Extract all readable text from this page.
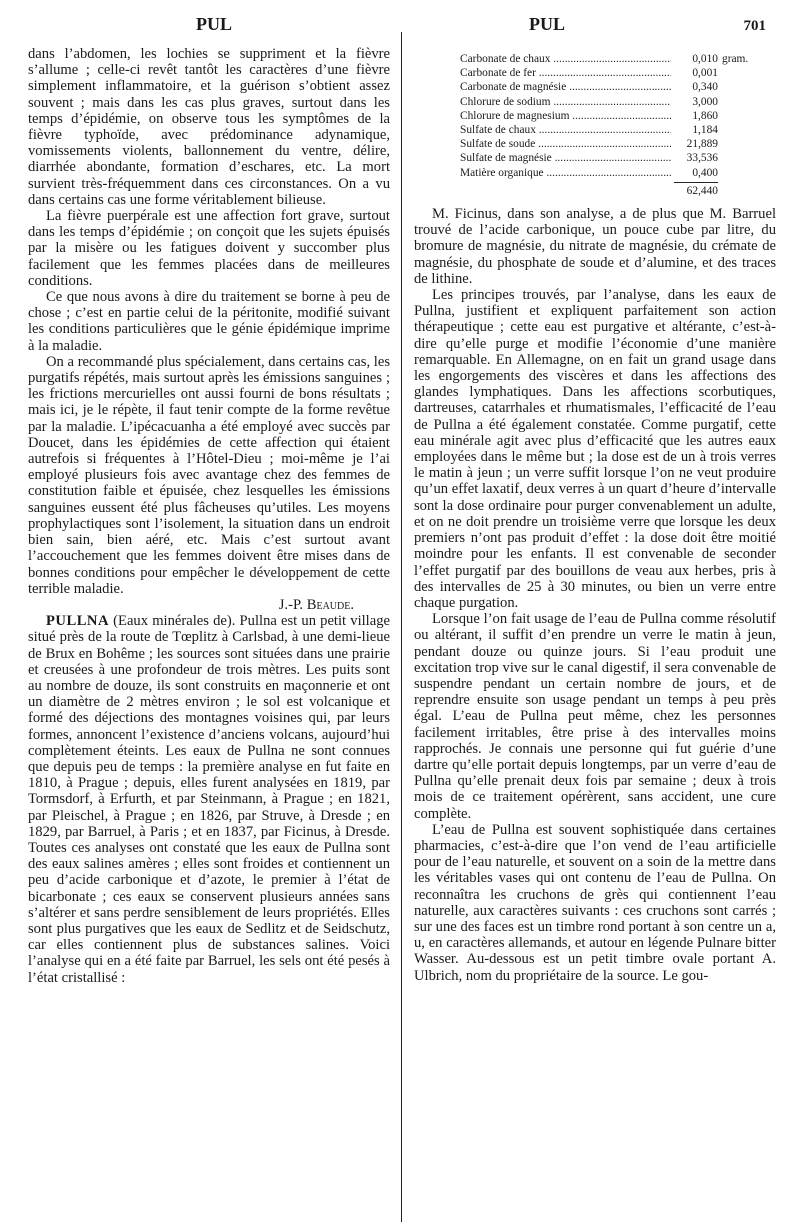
PUL	PUL	701

dans l’abdomen, les lochies se suppriment et la fièvre s’allume ; celle-ci revêt tantôt les caractères d’une fièvre simplement inflammatoire, et la guérison s’obtient assez souvent ; mais dans les cas plus graves, surtout dans les temps d’épidémie, on observe tous les symptômes de la fièvre typhoïde, avec prédominance adynamique, vomissements violents, ballonnement du ventre, délire, diarrhée abondante, formation d’eschares, etc. La mort survient très-fréquemment dans ces circonstances. On a vu dans certains cas une forme véritablement bilieuse.

La fièvre puerpérale est une affection fort grave, surtout dans les temps d’épidémie ; on conçoit que les sujets épuisés par la misère ou les fatigues doivent y succomber plus facilement que les femmes placées dans de meilleures conditions.

Ce que nous avons à dire du traitement se borne à peu de chose ; c’est en partie celui de la péritonite, modifié suivant les conditions particulières que le génie épidémique imprime à la maladie.

On a recommandé plus spécialement, dans certains cas, les purgatifs répétés, mais surtout après les émissions sanguines ; les frictions mercurielles ont aussi fourni de bons résultats ; mais ici, je le répète, il faut tenir compte de la forme revêtue par la maladie. L’ipécacuanha a été employé avec succès par Doucet, dans les épidémies de cette affection qui étaient autrefois si fréquentes à l’Hôtel-Dieu ; moi-même je l’ai employé plusieurs fois avec avantage chez des femmes de constitution faible et épuisée, chez lesquelles les émissions sanguines eussent été plus fâcheuses qu’utiles. Les moyens prophylactiques sont l’isolement, la situation dans un endroit bien sain, bien aéré, etc. Mais c’est surtout avant l’accouchement que les femmes doivent être mises dans de bonnes conditions pour empêcher le développement de cette terrible maladie.

J.-P. Beaude.

PULLNA (Eaux minérales de). Pullna est un petit village situé près de la route de Tœplitz à Carlsbad, à une demi-lieue de Brux en Bohême ; les sources sont situées dans une prairie et creusées à une profondeur de trois mètres. Les puits sont au nombre de douze, ils sont construits en maçonnerie et ont un diamètre de 2 mètres environ ; le sol est volcanique et formé des déjections des montagnes voisines qui, par leurs formes, annoncent l’existence d’anciens volcans, aujourd’hui complètement éteints. Les eaux de Pullna ne sont connues que depuis peu de temps : la première analyse en fut faite en 1810, à Prague ; depuis, elles furent analysées en 1819, par Tormsdorf, à Erfurth, et par Steinmann, à Prague ; en 1821, par Pleischel, à Prague ; en 1826, par Struve, à Dresde ; en 1829, par Barruel, à Paris ; et en 1837, par Ficinus, à Dresde. Toutes ces analyses ont constaté que les eaux de Pullna sont des eaux salines amères ; elles sont froides et contiennent un peu d’acide carbonique et d’azote, le premier à l’état de bicarbonate ; ces eaux se conservent plusieurs années sans s’altérer et sans perdre sensiblement de leurs propriétés. Elles sont plus purgatives que les eaux de Sedlitz et de Seidschutz, car elles contiennent plus de substances salines. Voici l’analyse qui en a été faite par Barruel, les sels ont été pesés à l’état cristallisé :

Carbonate de chaux .....	0,010 gram.
Carbonate de fer .....	0,001
Carbonate de magnésie .....	0,340
Chlorure de sodium .....	3,000
Chlorure de magnesium .....	1,860
Sulfate de chaux .....	1,184
Sulfate de soude .....	21,889
Sulfate de magnésie .....	33,536
Matière organique .....	0,400
62,440

M. Ficinus, dans son analyse, a de plus que M. Barruel trouvé de l’acide carbonique, un pouce cube par litre, du bromure de magnésie, du nitrate de magnésie, du crémate de magnésie, du phosphate de soude et d’alumine, et des traces de lithine.

Les principes trouvés, par l’analyse, dans les eaux de Pullna, justifient et expliquent parfaitement son action thérapeutique ; cette eau est purgative et altérante, c’est-à-dire qu’elle purge et modifie l’économie d’une manière remarquable. En Allemagne, on en fait un grand usage dans les engorgements des viscères et dans les affections des glandes lymphatiques. Dans les affections scorbutiques, dartreuses, catarrhales et rhumatismales, l’efficacité de l’eau de Pullna a été également constatée. Comme purgatif, cette eau minérale agit avec plus d’efficacité que les autres eaux employées dans le même but ; la dose est de un à trois verres le matin à jeun ; un verre suffit lorsque l’on ne veut produire qu’un effet laxatif, deux verres à un quart d’heure d’intervalle sont la dose ordinaire pour purger convenablement un adulte, et on ne doit prendre un troisième verre que lorsque les deux premiers n’ont pas produit d’effet : la dose doit être moitié moindre pour les enfants. Il est convenable de seconder l’effet purgatif par des bouillons de veau aux herbes, pris à des intervalles de 25 à 30 minutes, ou bien un verre entre chaque purgation.

Lorsque l’on fait usage de l’eau de Pullna comme résolutif ou altérant, il suffit d’en prendre un verre le matin à jeun, pendant douze ou quinze jours. Si l’eau produit une excitation trop vive sur le canal digestif, il sera convenable de suspendre pendant un certain nombre de jours, et de reprendre ensuite son usage pendant un temps à peu près égal. L’eau de Pullna peut même, chez les personnes facilement irritables, être prise à des intervalles moins rapprochés. Je connais une personne qui fut guérie d’une dartre qu’elle portait depuis longtemps, par un verre d’eau de Pullna qu’elle prenait deux fois par semaine ; deux à trois mois de ce traitement opérèrent, sans accident, une cure complète.

L’eau de Pullna est souvent sophistiquée dans certaines pharmacies, c’est-à-dire que l’on vend de l’eau artificielle pour de l’eau naturelle, et souvent on a soin de la mettre dans les véritables vases qui ont contenu de l’eau de Pullna. On reconnaîtra les cruchons de grès qui contiennent l’eau naturelle, aux caractères suivants : ces cruchons sont carrés ; sur une des faces est un timbre rond portant à son centre un a, u, en caractères allemands, et autour en légende Pulnare bitter Wasser. Au-dessous est un petit timbre ovale portant A. Ulbrich, nom du propriétaire de la source. Le gou-
